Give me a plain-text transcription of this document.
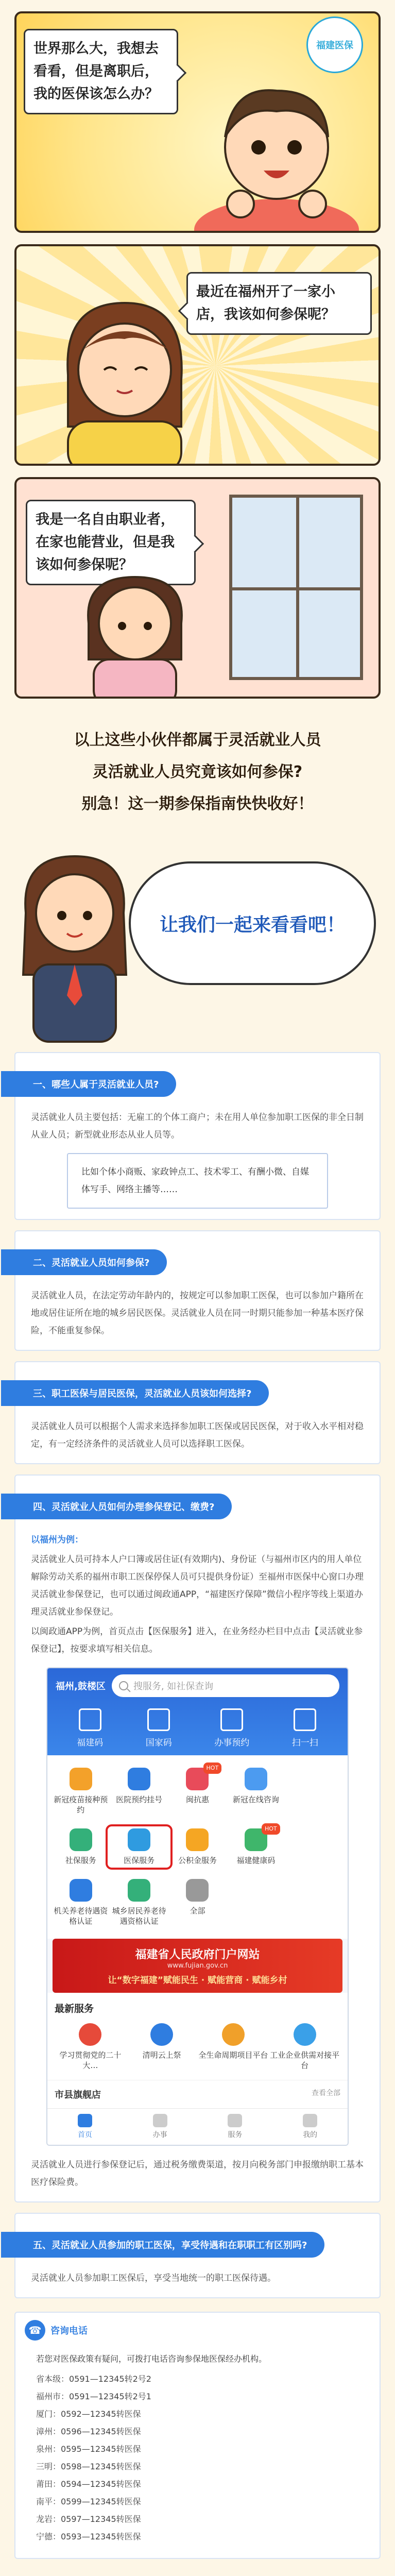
世界那么大，我想去看看，但是离职后，我的医保该怎么办？
福建医保
最近在福州开了一家小店，我该如何参保呢？
我是一名自由职业者，在家也能营业，但是我该如何参保呢？

以上这些小伙伴都属于灵活就业人员

灵活就业人员究竟该如何参保?

别急！这一期参保指南快快收好！

让我们一起来看看吧！
一、哪些人属于灵活就业人员?
灵活就业人员主要包括：无雇工的个体工商户；未在用人单位参加职工医保的非全日制从业人员；新型就业形态从业人员等。
比如个体小商贩、家政钟点工、技术零工、有酬小微、自媒体写手、网络主播等……
二、灵活就业人员如何参保?
灵活就业人员，在法定劳动年龄内的，按规定可以参加职工医保，也可以参加户籍所在地或居住证所在地的城乡居民医保。灵活就业人员在同一时期只能参加一种基本医疗保险，不能重复参保。
三、职工医保与居民医保，灵活就业人员该如何选择?
灵活就业人员可以根据个人需求来选择参加职工医保或居民医保，对于收入水平相对稳定，有一定经济条件的灵活就业人员可以选择职工医保。
四、灵活就业人员如何办理参保登记、缴费?
以福州为例：
灵活就业人员可持本人户口簿或居住证(有效期内)、身份证（与福州市区内的用人单位解除劳动关系的福州市职工医保停保人员可只提供身份证）至福州市医保中心窗口办理灵活就业参保登记，也可以通过闽政通APP，“福建医疗保障”微信小程序等线上渠道办理灵活就业参保登记。
以闽政通APP为例，首页点击【医保服务】进入，在业务经办栏目中点击【灵活就业参保登记】，按要求填写相关信息。
福州,鼓楼区	搜服务, 如社保查询
福建码	国家码	办事预约	扫一扫
新冠疫苗接种预约
医院预约挂号	闽抗惠
HOT
新冠在线咨询
社保服务	医保服务	公积金服务	福建健康码
HOT
机关养老待遇资格认证
城乡居民养老待遇资格认证
全部
福建省人民政府门户网站
www.fujian.gov.cn
让“数字福建”赋能民生 · 赋能营商 · 赋能乡村
最新服务
学习贯彻党的二十大…
清明云上祭	全生命周期项目平台 工业企业供需对接平台
市县旗舰店	查看全部
首页	办事	服务	我的
灵活就业人员进行参保登记后，通过税务缴费渠道，按月向税务部门申报缴纳职工基本医疗保险费。
五、灵活就业人员参加的职工医保，享受待遇和在职职工有区别吗?
灵活就业人员参加职工医保后，享受当地统一的职工医保待遇。
☎ 咨询电话
若您对医保政策有疑问，可拨打电话咨询参保地医保经办机构。
省本级：0591—12345转2号2
福州市：0591—12345转2号1
厦门：0592—12345转医保
漳州：0596—12345转医保
泉州：0595—12345转医保
三明：0598—12345转医保
莆田：0594—12345转医保
南平：0599—12345转医保
龙岩：0597—12345转医保
宁德：0593—12345转医保
